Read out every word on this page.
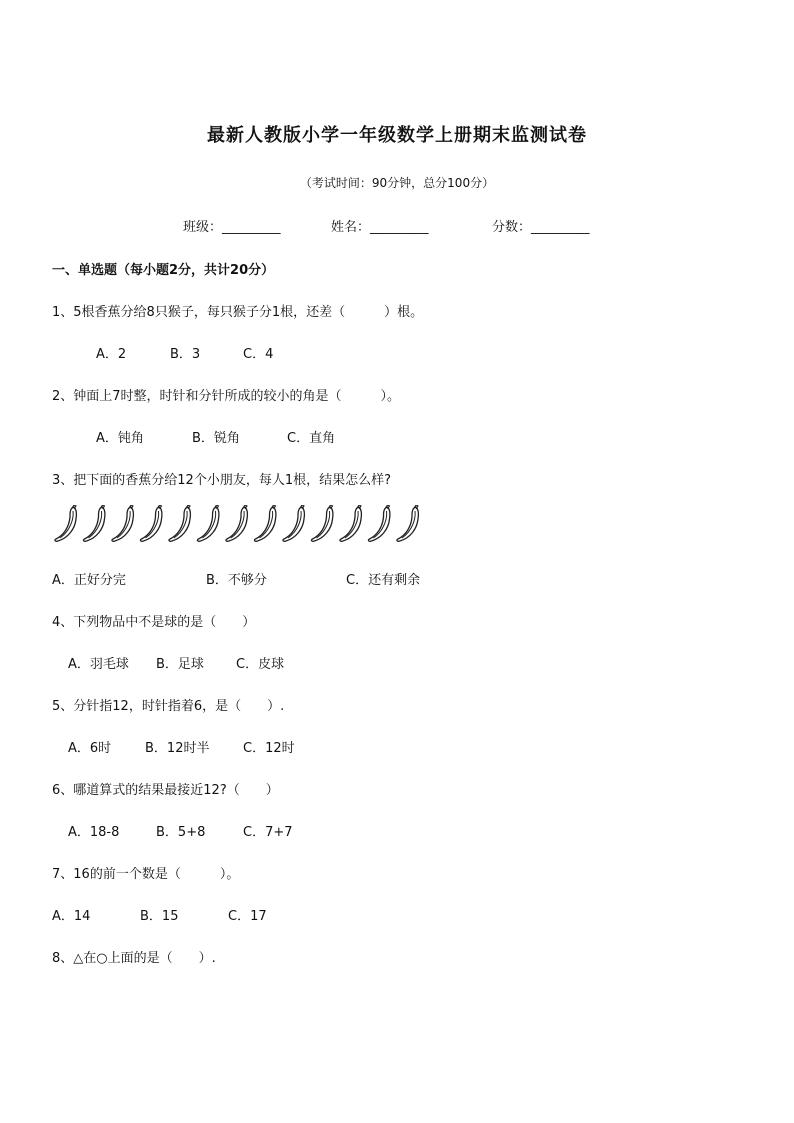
最新人教版小学一年级数学上册期末监测试卷
（考试时间：90分钟，总分100分）
班级：_________	姓名：_________	分数：_________
一、单选题（每小题2分，共计20分）
1、5根香蕉分给8只猴子，每只猴子分1根，还差（　　　）根。
A．2	B．3	C．4
2、钟面上7时整，时针和分针所成的较小的角是（　　　）。
A．钝角	B．锐角	C．直角
3、把下面的香蕉分给12个小朋友，每人1根，结果怎么样?
A．正好分完	B．不够分	C．还有剩余
4、下列物品中不是球的是（　　）
A．羽毛球 B．足球 C．皮球
5、分针指12，时针指着6，是（　　）.
A．6时	B．12时半	C．12时
6、哪道算式的结果最接近12?（　　）
A．18-8	B．5+8	C．7+7
7、16的前一个数是（　　　）。
A．14	B．15	C．17
8、△在○上面的是（　　）.
